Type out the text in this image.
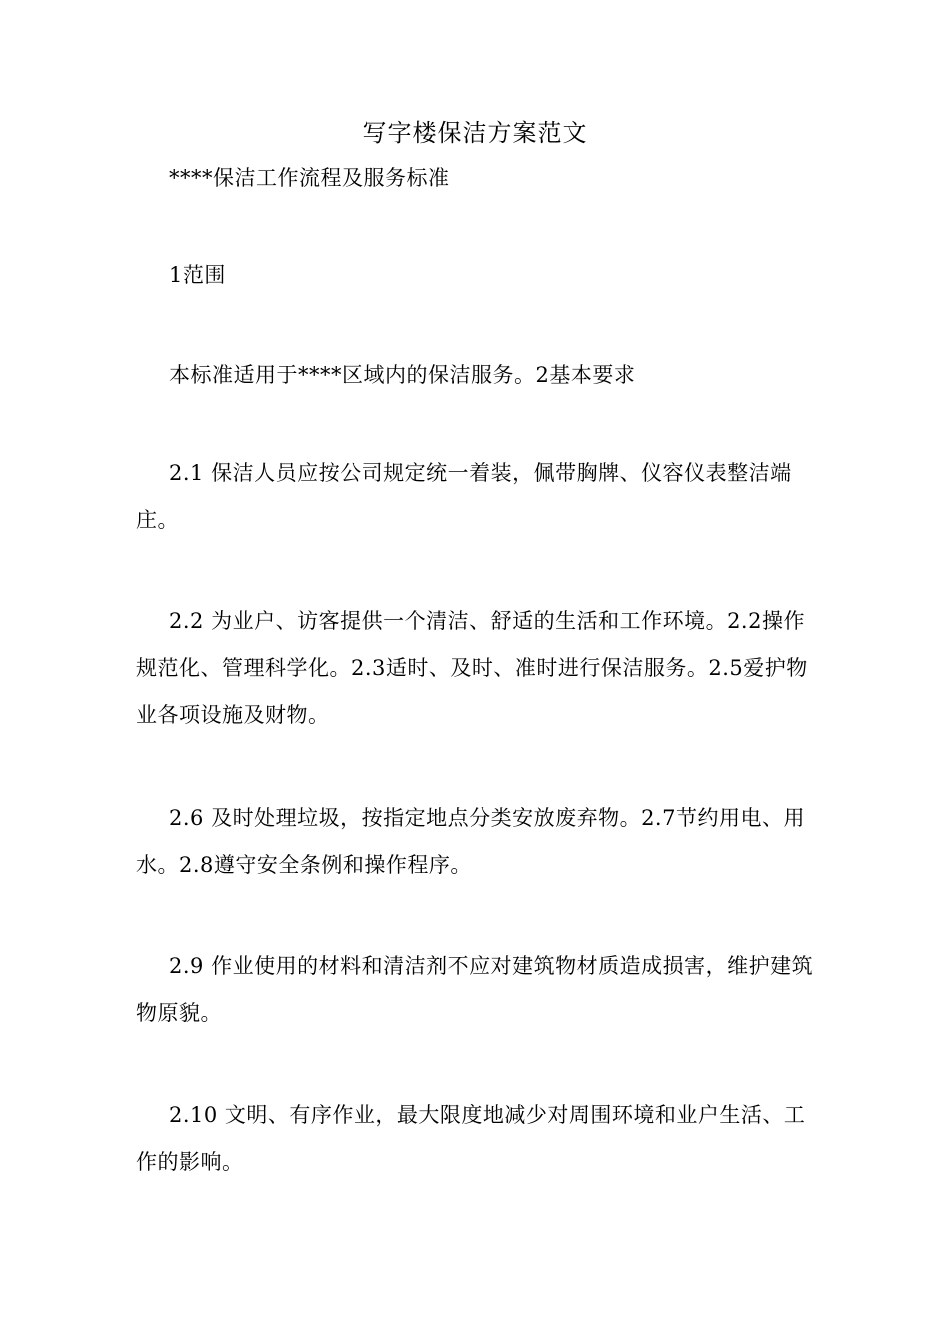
写字楼保洁方案范文
****保洁工作流程及服务标准
1范围
本标准适用于****区域内的保洁服务。2基本要求
2.1 保洁人员应按公司规定统一着装，佩带胸牌、仪容仪表整洁端庄。
2.2 为业户、访客提供一个清洁、舒适的生活和工作环境。2.2操作规范化、管理科学化。2.3适时、及时、准时进行保洁服务。2.5爱护物业各项设施及财物。
2.6 及时处理垃圾，按指定地点分类安放废弃物。2.7节约用电、用水。2.8遵守安全条例和操作程序。
2.9 作业使用的材料和清洁剂不应对建筑物材质造成损害，维护建筑物原貌。
2.10 文明、有序作业，最大限度地减少对周围环境和业户生活、工作的影响。
